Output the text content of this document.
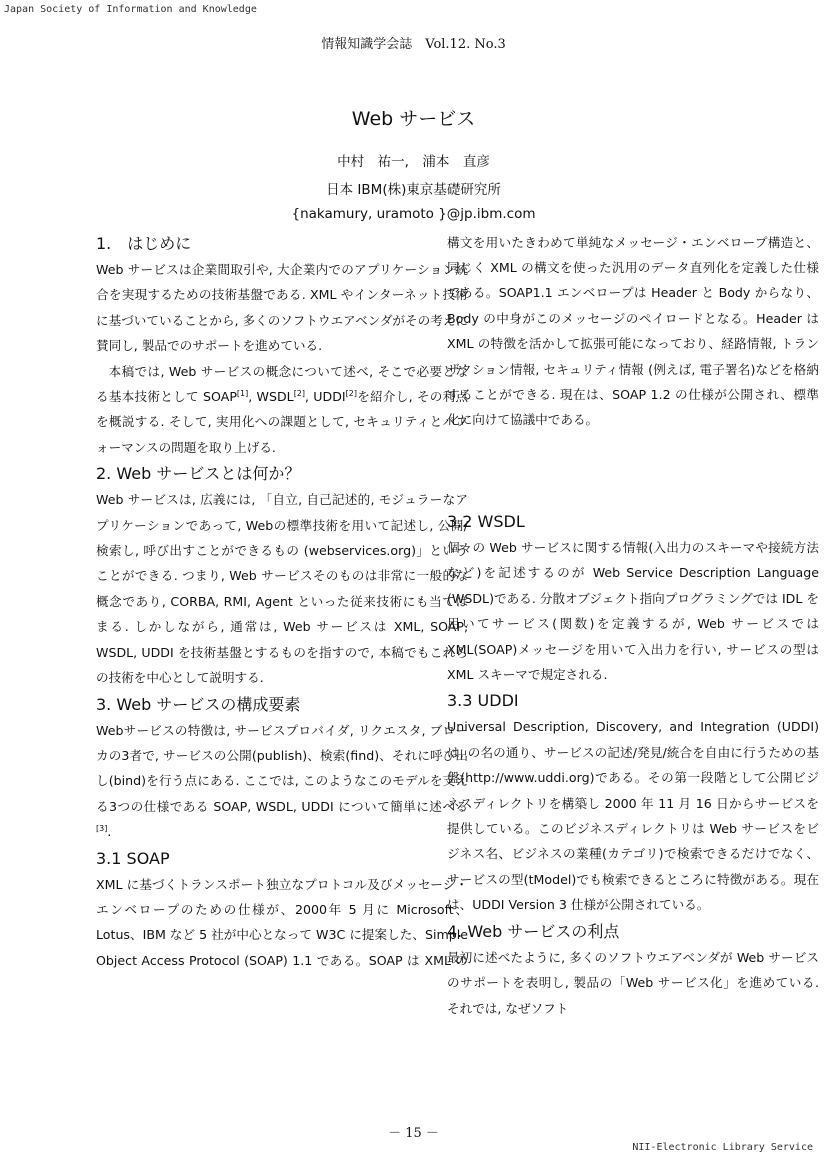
Japan Society of Information and Knowledge
情報知識学会誌　Vol.12. No.3
Web サービス
中村　祐一,　浦本　直彦
日本 IBM(株)東京基礎研究所
{nakamury, uramoto }@jp.ibm.com
1.　はじめに
Web サービスは企業間取引や, 大企業内でのアプリケーション統合を実現するための技術基盤である. XML やインターネット技術に基づいていることから, 多くのソフトウエアベンダがその考えに賛同し, 製品でのサポートを進めている.
本稿では, Web サービスの概念について述べ, そこで必要となる基本技術として SOAP[1], WSDL[2], UDDI[2]を紹介し, その利点を概説する. そして, 実用化への課題として, セキュリティとパフォーマンスの問題を取り上げる.
2. Web サービスとは何か？
Web サービスは, 広義には, 「自立, 自己記述的, モジュラーなアプリケーションであって, Webの標準技術を用いて記述し, 公開/検索し, 呼び出すことができるもの (webservices.org)」ということができる. つまり, Web サービスそのものは非常に一般的な概念であり, CORBA, RMI, Agent といった従来技術にも当てはまる. しかしながら, 通常は, Web サービスは XML, SOAP, WSDL, UDDI を技術基盤とするものを指すので, 本稿でもこれらの技術を中心として説明する.
3. Web サービスの構成要素
Webサービスの特徴は, サービスプロバイダ, リクエスタ, ブローカの3者で, サービスの公開(publish)、検索(find)、それに呼び出し(bind)を行う点にある. ここでは, このようなこのモデルを支える3つの仕様である SOAP, WSDL, UDDI について簡単に述べる[3].
3.1 SOAP
XML に基づくトランスポート独立なプロトコル及びメッセージ・エンベロープのための仕様が、2000年 5 月に Microsoft、Lotus、IBM など 5 社が中心となって W3C に提案した、Simple Object Access Protocol (SOAP) 1.1 である。SOAP は XML の
構文を用いたきわめて単純なメッセージ・エンベロープ構造と、同じく XML の構文を使った汎用のデータ直列化を定義した仕様である。SOAP1.1 エンベロープは Header と Body からなり、Body の中身がこのメッセージのペイロードとなる。Header は XML の特徴を活かして拡張可能になっており、経路情報, トランザクション情報, セキュリティ情報 (例えば, 電子署名)などを格納することができる. 現在は、SOAP 1.2 の仕様が公開され、標準化に向けて協議中である。
3.2 WSDL
個々の Web サービスに関する情報(入出力のスキーマや接続方法など)を記述するのが Web Service Description Language (WSDL)である. 分散オブジェクト指向プログラミングでは IDL を用いてサービス(関数)を定義するが, Web サービスでは XML(SOAP)メッセージを用いて入出力を行い, サービスの型は XML スキーマで規定される.
3.3 UDDI
Universal Description, Discovery, and Integration (UDDI)は, の名の通り、サービスの記述/発見/統合を自由に行うための基盤(http://www.uddi.org)である。その第一段階として公開ビジネスディレクトリを構築し 2000 年 11 月 16 日からサービスを提供している。このビジネスディレクトリは Web サービスをビジネス名、ビジネスの業種(カテゴリ)で検索できるだけでなく、サービスの型(tModel)でも検索できるところに特徴がある。現在は、UDDI Version 3 仕様が公開されている。
4. Web サービスの利点
最初に述べたように, 多くのソフトウエアベンダが Web サービスのサポートを表明し, 製品の「Web サービス化」を進めている. それでは, なぜソフト
－ 15 －
NII-Electronic Library Service
